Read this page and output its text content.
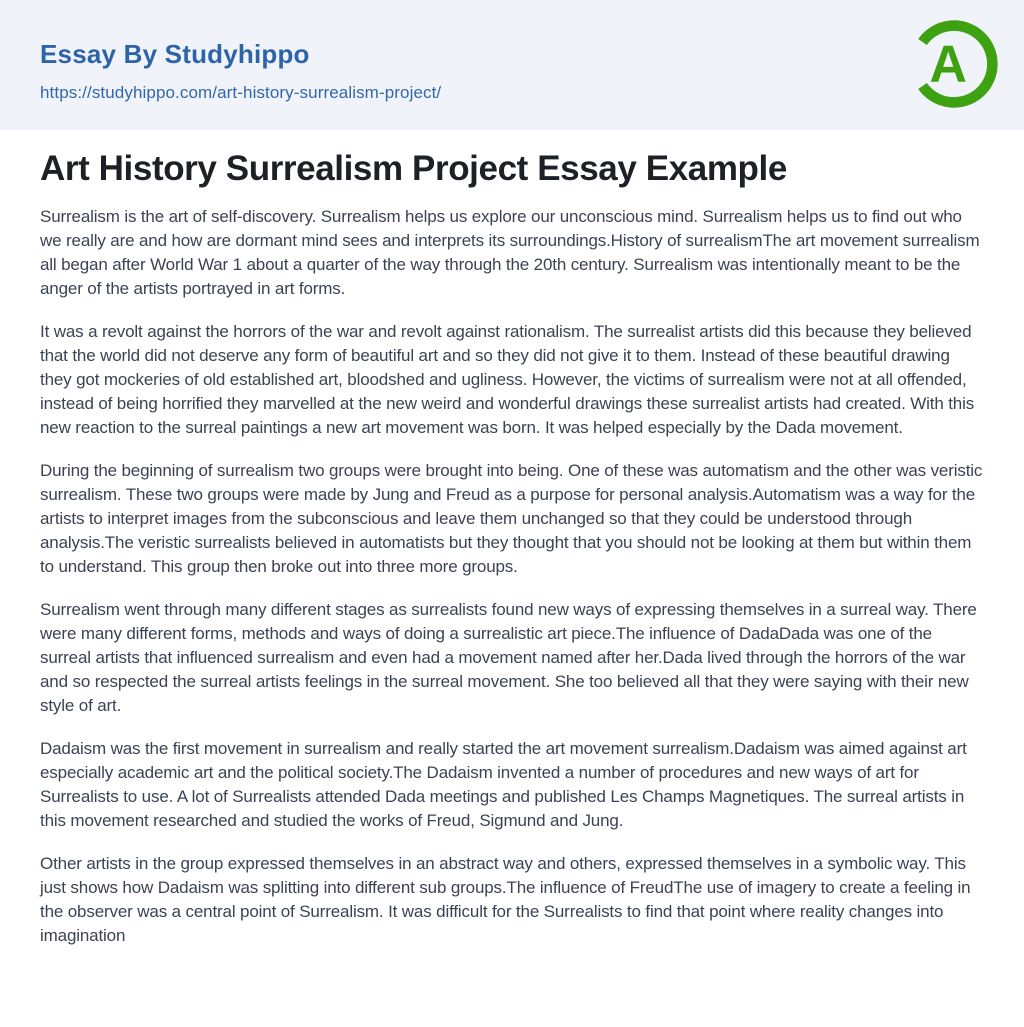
Essay By Studyhippo
https://studyhippo.com/art-history-surrealism-project/	A
Art History Surrealism Project Essay Example

Surrealism is the art of self-discovery. Surrealism helps us explore our unconscious mind. Surrealism helps us to find out who we really are and how are dormant mind sees and interprets its surroundings.History of surrealismThe art movement surrealism all began after World War 1 about a quarter of the way through the 20th century. Surrealism was intentionally meant to be the anger of the artists portrayed in art forms.

It was a revolt against the horrors of the war and revolt against rationalism. The surrealist artists did this because they believed that the world did not deserve any form of beautiful art and so they did not give it to them. Instead of these beautiful drawing they got mockeries of old established art, bloodshed and ugliness. However, the victims of surrealism were not at all offended, instead of being horrified they marvelled at the new weird and wonderful drawings these surrealist artists had created. With this new reaction to the surreal paintings a new art movement was born. It was helped especially by the Dada movement.

During the beginning of surrealism two groups were brought into being. One of these was automatism and the other was veristic surrealism. These two groups were made by Jung and Freud as a purpose for personal analysis.Automatism was a way for the artists to interpret images from the subconscious and leave them unchanged so that they could be understood through analysis.The veristic surrealists believed in automatists but they thought that you should not be looking at them but within them to understand. This group then broke out into three more groups.

Surrealism went through many different stages as surrealists found new ways of expressing themselves in a surreal way. There were many different forms, methods and ways of doing a surrealistic art piece.The influence of DadaDada was one of the surreal artists that influenced surrealism and even had a movement named after her.Dada lived through the horrors of the war and so respected the surreal artists feelings in the surreal movement. She too believed all that they were saying with their new style of art.

Dadaism was the first movement in surrealism and really started the art movement surrealism.Dadaism was aimed against art especially academic art and the political society.The Dadaism invented a number of procedures and new ways of art for Surrealists to use. A lot of Surrealists attended Dada meetings and published Les Champs Magnetiques. The surreal artists in this movement researched and studied the works of Freud, Sigmund and Jung.

Other artists in the group expressed themselves in an abstract way and others, expressed themselves in a symbolic way. This just shows how Dadaism was splitting into different sub groups.The influence of FreudThe use of imagery to create a feeling in the observer was a central point of Surrealism. It was difficult for the Surrealists to find that point where reality changes into imagination
